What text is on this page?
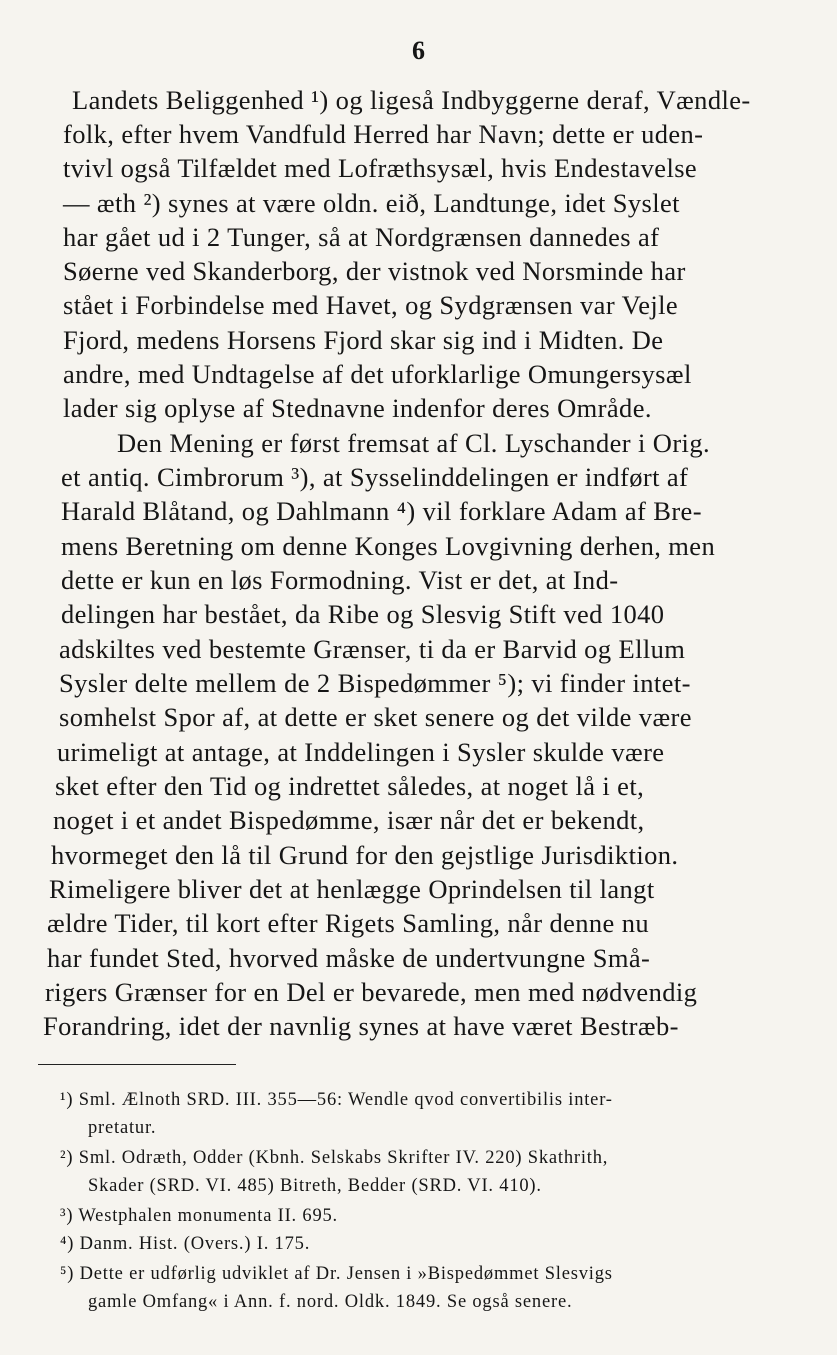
6
Landets Beliggenhed ¹) og ligeså Indbyggerne deraf, Vændle-
folk, efter hvem Vandfuld Herred har Navn; dette er uden-
tvivl også Tilfældet med Lofræthsysæl, hvis Endestavelse
— æth ²) synes at være oldn. eið, Landtunge, idet Syslet
har gået ud i 2 Tunger, så at Nordgrænsen dannedes af
Søerne ved Skanderborg, der vistnok ved Norsminde har
stået i Forbindelse med Havet, og Sydgrænsen var Vejle
Fjord, medens Horsens Fjord skar sig ind i Midten. De
andre, med Undtagelse af det uforklarlige Omungersysæl
lader sig oplyse af Stednavne indenfor deres Område.
Den Mening er først fremsat af Cl. Lyschander i Orig.
et antiq. Cimbrorum ³), at Sysselinddelingen er indført af
Harald Blåtand, og Dahlmann ⁴) vil forklare Adam af Bre-
mens Beretning om denne Konges Lovgivning derhen, men
dette er kun en løs Formodning. Vist er det, at Ind-
delingen har bestået, da Ribe og Slesvig Stift ved 1040
adskiltes ved bestemte Grænser, ti da er Barvid og Ellum
Sysler delte mellem de 2 Bispedømmer ⁵); vi finder intet-
somhelst Spor af, at dette er sket senere og det vilde være
urimeligt at antage, at Inddelingen i Sysler skulde være
sket efter den Tid og indrettet således, at noget lå i et,
noget i et andet Bispedømme, især når det er bekendt,
hvormeget den lå til Grund for den gejstlige Jurisdiktion.
Rimeligere bliver det at henlægge Oprindelsen til langt
ældre Tider, til kort efter Rigets Samling, når denne nu
har fundet Sted, hvorved måske de undertvungne Små-
rigers Grænser for en Del er bevarede, men med nødvendig
Forandring, idet der navnlig synes at have været Bestræb-
¹) Sml. Ælnoth SRD. III. 355—56: Wendle qvod convertibilis inter-
pretatur.
²) Sml. Odræth, Odder (Kbnh. Selskabs Skrifter IV. 220) Skathrith,
Skader (SRD. VI. 485) Bitreth, Bedder (SRD. VI. 410).
³) Westphalen monumenta II. 695.
⁴) Danm. Hist. (Overs.) I. 175.
⁵) Dette er udførlig udviklet af Dr. Jensen i »Bispedømmet Slesvigs
gamle Omfang« i Ann. f. nord. Oldk. 1849. Se også senere.
